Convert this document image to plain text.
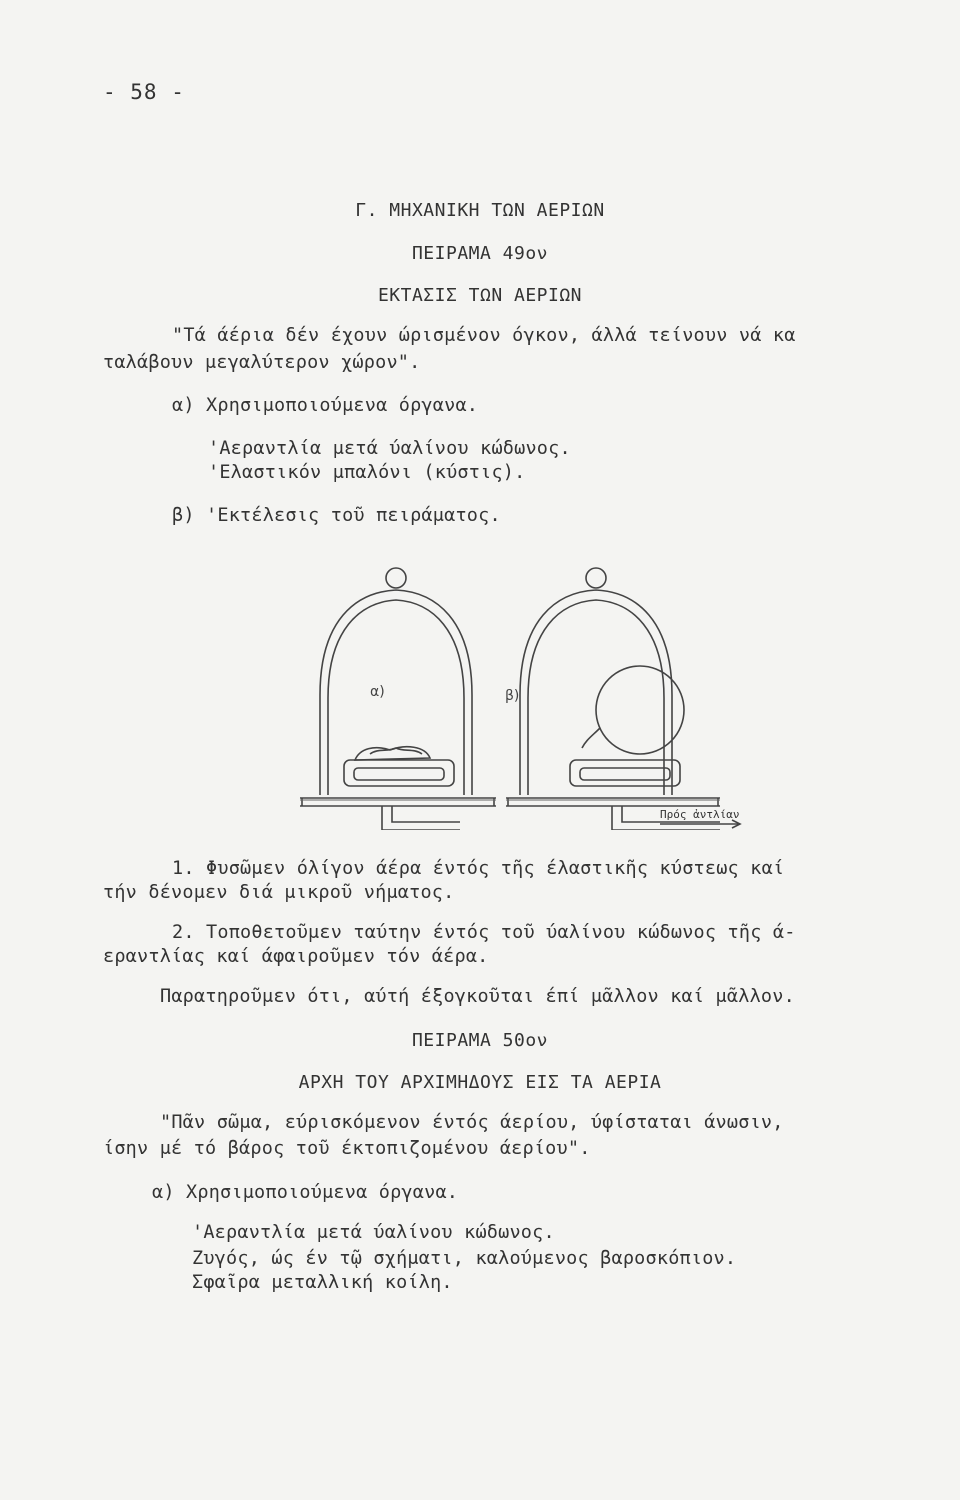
- 58 -
Γ. ΜΗΧΑΝΙΚΗ ΤΩΝ ΑΕΡΙΩΝ
ΠΕΙΡΑΜΑ 49ον
ΕΚΤΑΣΙΣ ΤΩΝ ΑΕΡΙΩΝ
"Τά άέρια δέν έχουν ώρισμένον όγκον, άλλά τείνουν νά κα
ταλάβουν μεγαλύτερον χώρον".
α) Χρησιμοποιούμενα όργανα.
'Αεραντλία μετά ύαλίνου κώδωνος.
'Ελαστικόν μπαλόνι (κύστις).
β) 'Εκτέλεσις τοῦ πειράματος.
α)	β)
Πρός ἀντλίαν
1. Φυσῶμεν όλίγον άέρα έντός τῆς έλαστικῆς κύστεως καί
τήν δένομεν διά μικροῦ νήματος.
2. Τοποθετοῦμεν ταύτην έντός τοῦ ύαλίνου κώδωνος τῆς ά-
εραντλίας καί άφαιροῦμεν τόν άέρα.
Παρατηροῦμεν ότι, αύτή έξογκοῦται έπί μᾶλλον καί μᾶλλον.
ΠΕΙΡΑΜΑ 50ον
ΑΡΧΗ ΤΟΥ ΑΡΧΙΜΗΔΟΥΣ ΕΙΣ ΤΑ ΑΕΡΙΑ
"Πᾶν σῶμα, εύρισκόμενον έντός άερίου, ύφίσταται άνωσιν,
ίσην μέ τό βάρος τοῦ έκτοπιζομένου άερίου".
α) Χρησιμοποιούμενα όργανα.
'Αεραντλία μετά ύαλίνου κώδωνος.
Ζυγός, ώς έν τῷ σχήματι, καλούμενος βαροσκόπιον.
Σφαῖρα μεταλλική κοίλη.
